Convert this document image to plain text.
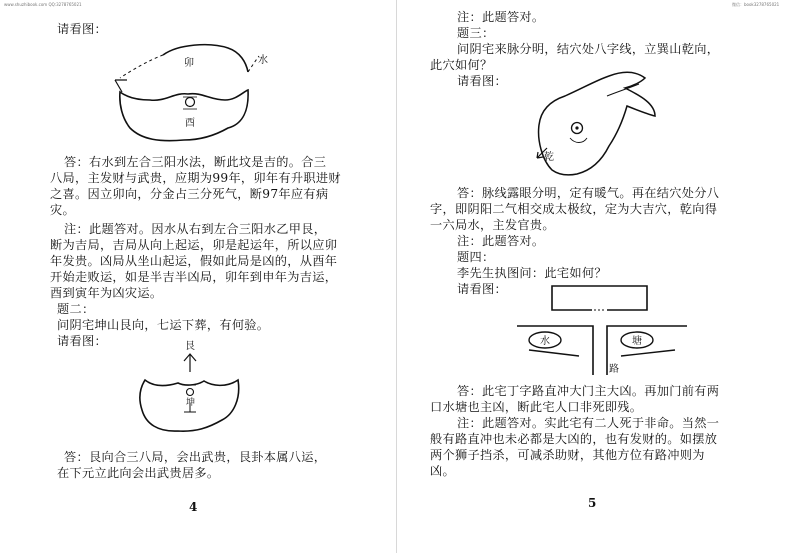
www.shuzhibook.com QQ:3278765021
请看图：
卯	水
酉
答：右水到左合三阳水法，断此坟是吉的。合三
八局，主发财与武贵，应期为99年，卯年有升职进财
之喜。因立卯向，分金占三分死气，断97年应有病
灾。
注：此题答对。因水从右到左合三阳水乙甲艮，
断为吉局，吉局从向上起运，卯是起运年，所以应卯
年发贵。凶局从坐山起运，假如此局是凶的，从酉年
开始走败运，如是半吉半凶局，卯年到申年为吉运，
酉到寅年为凶灾运。
题二：
问阴宅坤山艮向，七运下葬，有何验。
请看图：	艮
坤
答：艮向合三八局，会出武贵，艮卦本属八运，
在下元立此向会出武贵居多。
4
微信：book3278765021
注：此题答对。
题三：
问阴宅来脉分明，结穴处八字线，立巽山乾向，
此穴如何？
请看图：
乾
答：脉线露眼分明，定有暖气。再在结穴处分八
字，即阴阳二气相交成太极纹，定为大吉穴，乾向得
一六局水，主发官贵。
注：此题答对。
题四：
李先生执图问：此宅如何？
请看图：
水	塘
路
答：此宅丁字路直冲大门主大凶。再加门前有两
口水塘也主凶，断此宅人口非死即残。
注：此题答对。实此宅有二人死于非命。当然一
般有路直冲也未必都是大凶的，也有发财的。如摆放
两个狮子挡杀，可减杀助财，其他方位有路冲则为
凶。
5
